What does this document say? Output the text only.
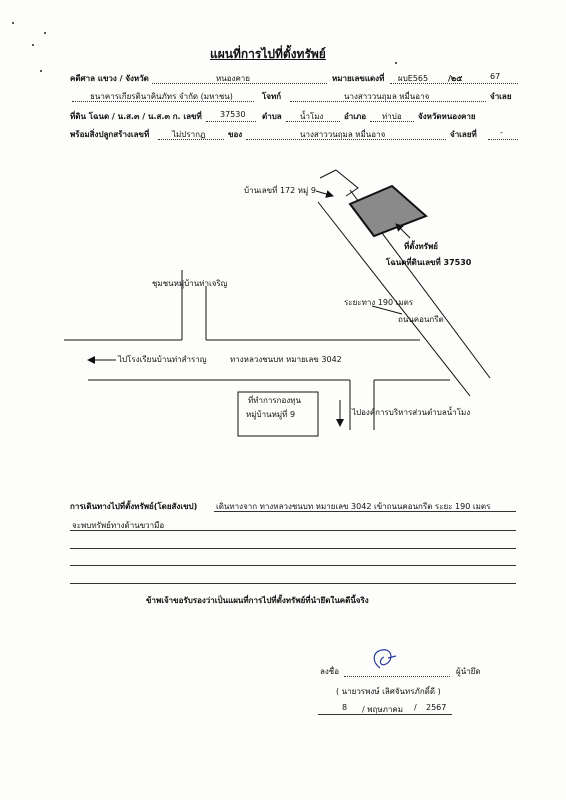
แผนที่การไปที่ตั้งทรัพย์
คดีศาล แขวง / จังหวัด	หนองคาย	หมายเลขแดงที่ ผบE565 /๒๕	67
ธนาคารเกียรตินาคินภัทร จำกัด (มหาชน)	โจทก์	นางสาววนฤมล หมื่นอาจ	จำเลย
ที่ดิน โฉนด / น.ส.๓ / น.ส.๓ ก. เลขที่ 37530 ตำบล น้ำโมง	อำเภอ ท่าบ่อ จังหวัดหนองคาย
พร้อมสิ่งปลูกสร้างเลขที่	ไม่ปรากฏ	ของ	นางสาววนฤมล หมื่นอาจ	จำเลยที่	-
บ้านเลขที่ 172 หมู่ 9
ที่ตั้งทรัพย์
โฉนดที่ดินเลขที่ 37530
ชุมชนหมู่บ้านท่าเจริญ
ระยะทาง 190 เมตร
ถนนคอนกรีต
ไปโรงเรียนบ้านท่าสำราญ	ทางหลวงชนบท หมายเลข 3042
ที่ทำการกองทุน
หมู่บ้านหมู่ที่ 9	ไปองค์การบริหารส่วนตำบลน้ำโมง
การเดินทางไปที่ตั้งทรัพย์(โดยสังเขป) เดินทางจาก ทางหลวงชนบท หมายเลข 3042 เข้าถนนคอนกรีต ระยะ 190 เมตร
จะพบทรัพย์ทางด้านขวามือ
ข้าพเจ้าขอรับรองว่าเป็นแผนที่การไปที่ตั้งทรัพย์ที่นำยึดในคดีนี้จริง
ลงชื่อ	ผู้นำยึด
( นายวรพงษ์ เลิศจันทรภักดิ์ดี )
8 / พฤษภาคม / 2567
